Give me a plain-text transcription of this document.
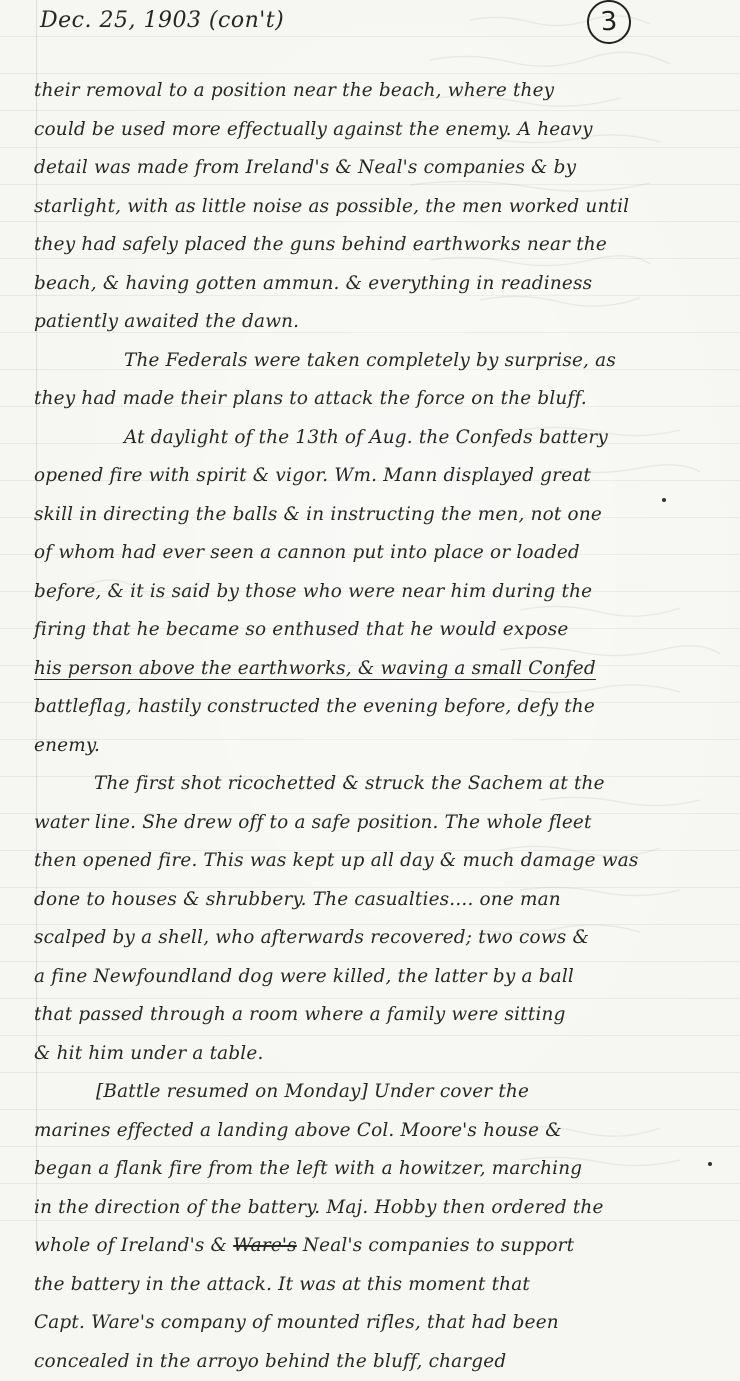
Dec. 25, 1903 (con't)	3
their removal to a position near the beach, where they
could be used more effectually against the enemy. A heavy
detail was made from Ireland's & Neal's companies & by
starlight, with as little noise as possible, the men worked until
they had safely placed the guns behind earthworks near the
beach, & having gotten ammun. & everything in readiness
patiently awaited the dawn.
The Federals were taken completely by surprise, as
they had made their plans to attack the force on the bluff.
At daylight of the 13th of Aug. the Confeds battery
opened fire with spirit & vigor. Wm. Mann displayed great
skill in directing the balls & in instructing the men, not one
of whom had ever seen a cannon put into place or loaded
before, & it is said by those who were near him during the
firing that he became so enthused that he would expose
his person above the earthworks, & waving a small Confed
battleflag, hastily constructed the evening before, defy the
enemy.
The first shot ricochetted & struck the Sachem at the
water line. She drew off to a safe position. The whole fleet
then opened fire. This was kept up all day & much damage was
done to houses & shrubbery. The casualties.... one man
scalped by a shell, who afterwards recovered; two cows &
a fine Newfoundland dog were killed, the latter by a ball
that passed through a room where a family were sitting
& hit him under a table.
[Battle resumed on Monday] Under cover the
marines effected a landing above Col. Moore's house &
began a flank fire from the left with a howitzer, marching
in the direction of the battery. Maj. Hobby then ordered the
whole of Ireland's & Ware's Neal's companies to support
the battery in the attack. It was at this moment that
Capt. Ware's company of mounted rifles, that had been
concealed in the arroyo behind the bluff, charged
